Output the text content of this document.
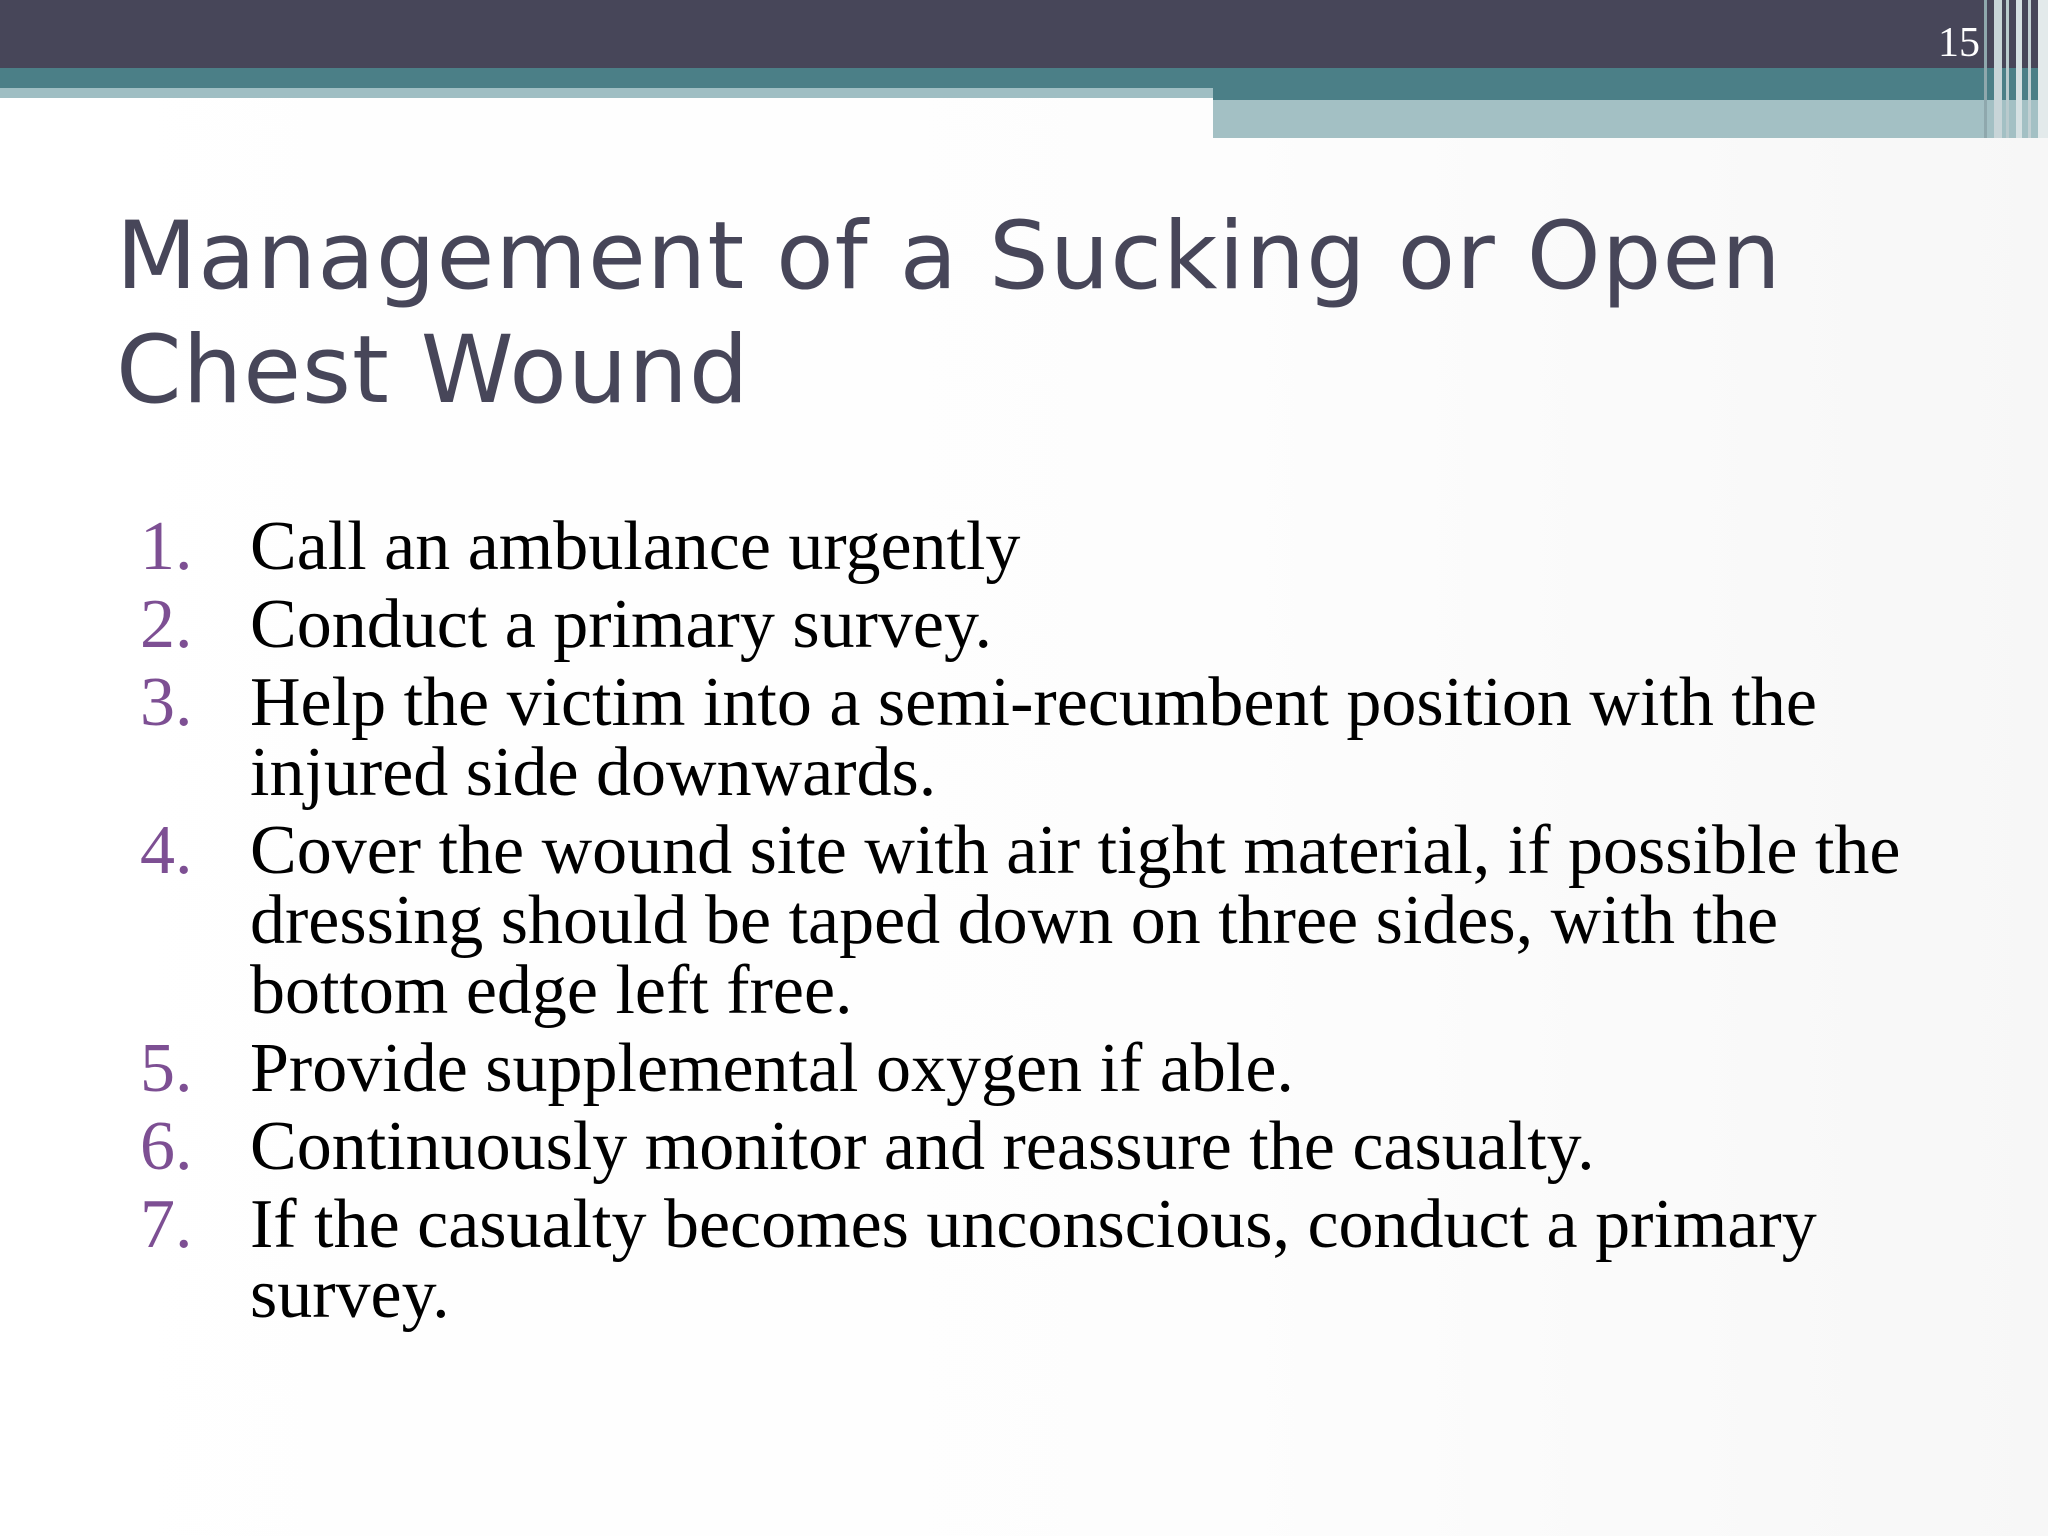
15
Management of a Sucking or Open Chest Wound
1. Call an ambulance urgently
2. Conduct a primary survey.
3. Help the victim into a semi-recumbent position with the injured side downwards.
4. Cover the wound site with air tight material, if possible the dressing should be taped down on three sides, with the bottom edge left free.
5. Provide supplemental oxygen if able.
6. Continuously monitor and reassure the casualty.
7. If the casualty becomes unconscious, conduct a primary survey.
